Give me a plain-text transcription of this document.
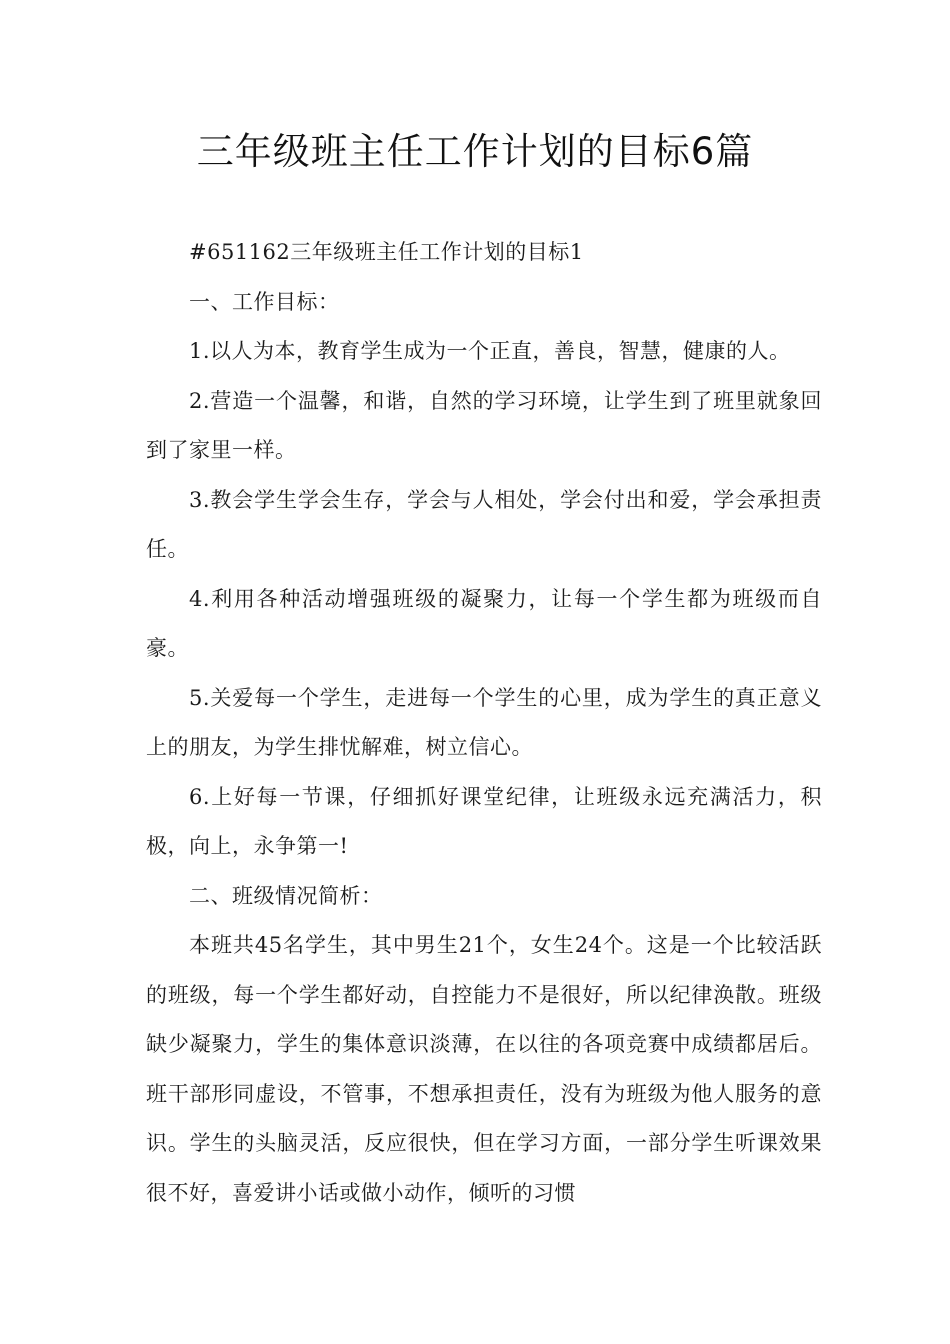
三年级班主任工作计划的目标6篇

#651162三年级班主任工作计划的目标1

一、工作目标：

1.以人为本，教育学生成为一个正直，善良，智慧，健康的人。

2.营造一个温馨，和谐，自然的学习环境，让学生到了班里就象回到了家里一样。

3.教会学生学会生存，学会与人相处，学会付出和爱，学会承担责任。

4.利用各种活动增强班级的凝聚力，让每一个学生都为班级而自豪。

5.关爱每一个学生，走进每一个学生的心里，成为学生的真正意义上的朋友，为学生排忧解难，树立信心。

6.上好每一节课，仔细抓好课堂纪律，让班级永远充满活力，积极，向上，永争第一!

二、班级情况简析：

本班共45名学生，其中男生21个，女生24个。这是一个比较活跃的班级，每一个学生都好动，自控能力不是很好，所以纪律涣散。班级缺少凝聚力，学生的集体意识淡薄，在以往的各项竞赛中成绩都居后。班干部形同虚设，不管事，不想承担责任，没有为班级为他人服务的意识。学生的头脑灵活，反应很快，但在学习方面，一部分学生听课效果很不好，喜爱讲小话或做小动作，倾听的习惯
